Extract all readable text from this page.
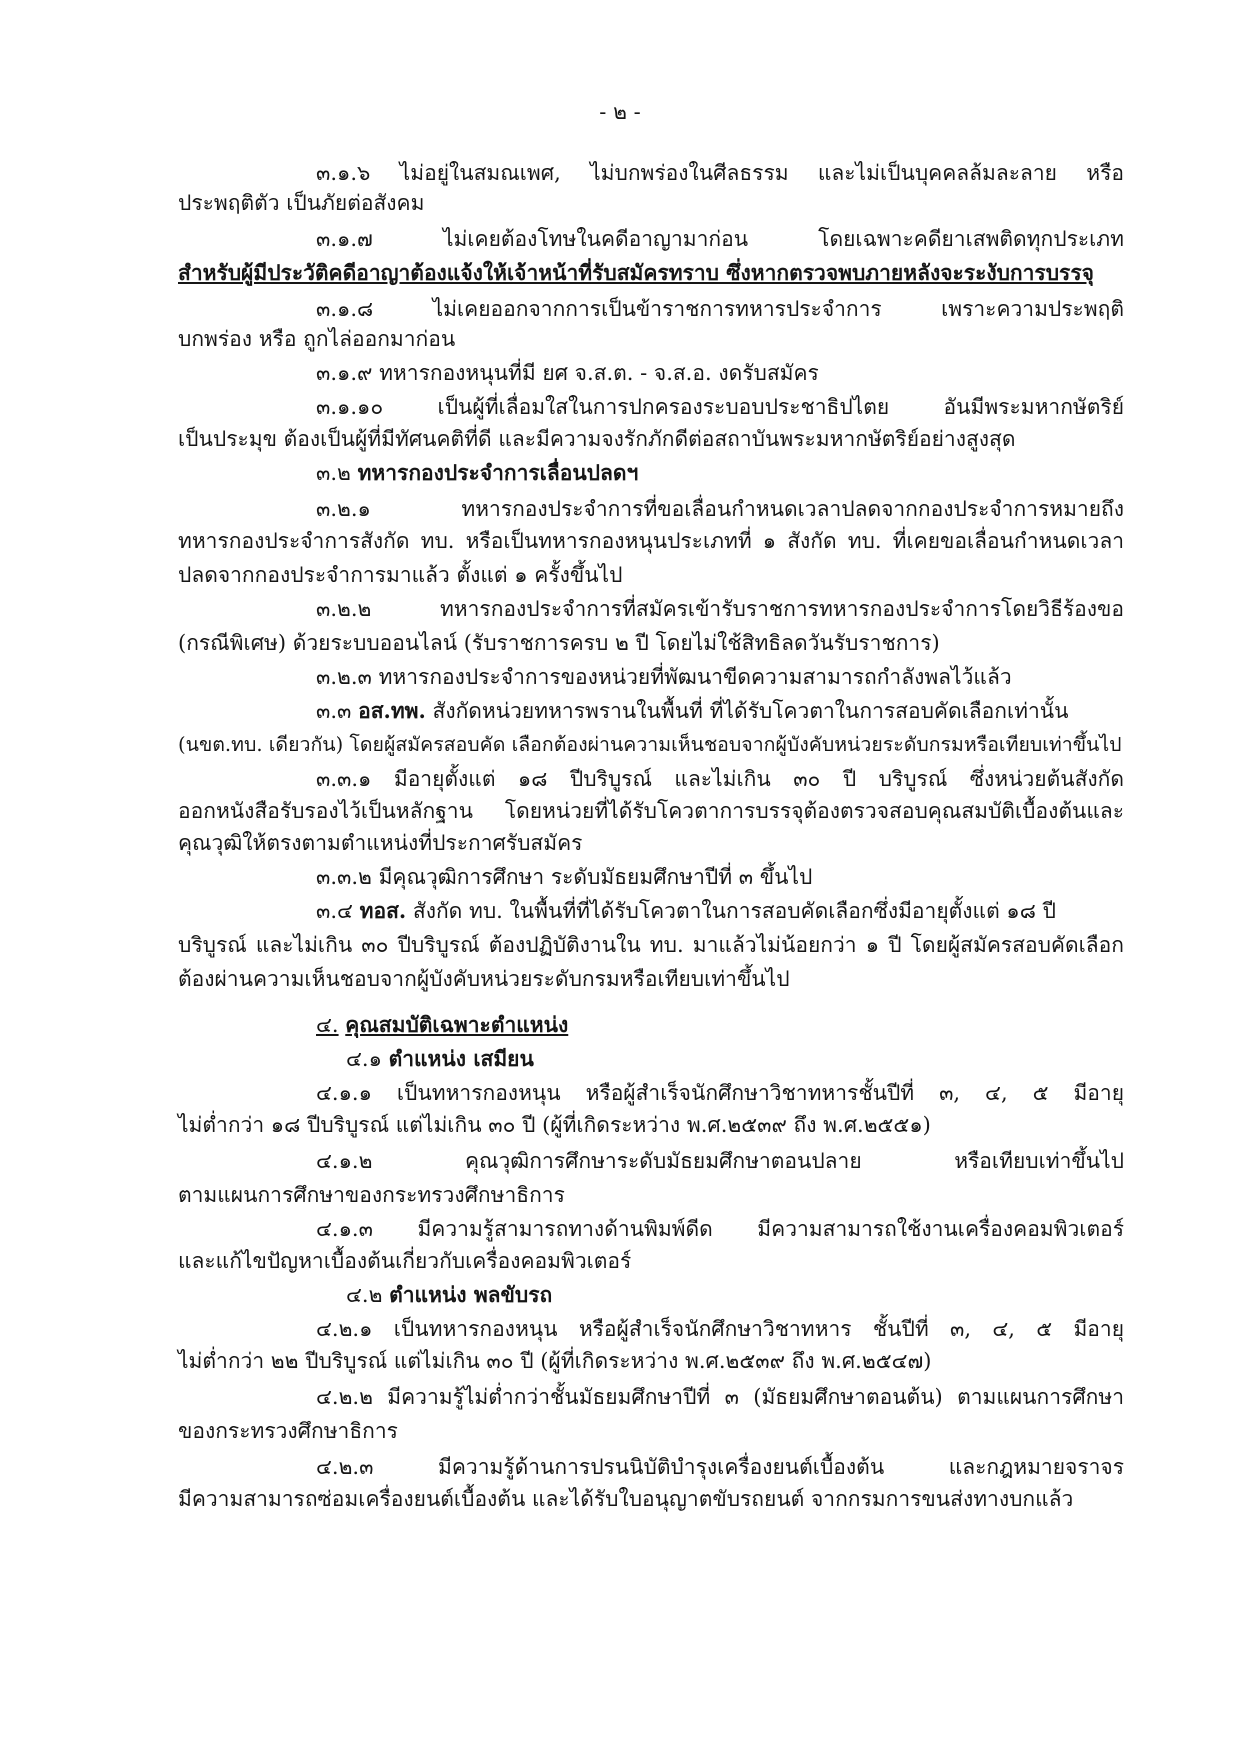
- ๒ -
๓.๑.๖ ไม่อยู่ในสมณเพศ, ไม่บกพร่องในศีลธรรม และไม่เป็นบุคคลล้มละลาย หรือ
ประพฤติตัว เป็นภัยต่อสังคม
๓.๑.๗ ไม่เคยต้องโทษในคดีอาญามาก่อน โดยเฉพาะคดียาเสพติดทุกประเภท
สำหรับผู้มีประวัติคดีอาญาต้องแจ้งให้เจ้าหน้าที่รับสมัครทราบ ซึ่งหากตรวจพบภายหลังจะระงับการบรรจุ
๓.๑.๘ ไม่เคยออกจากการเป็นข้าราชการทหารประจำการ เพราะความประพฤติ
บกพร่อง หรือ ถูกไล่ออกมาก่อน
๓.๑.๙ ทหารกองหนุนที่มี ยศ จ.ส.ต. - จ.ส.อ. งดรับสมัคร
๓.๑.๑๐ เป็นผู้ที่เลื่อมใสในการปกครองระบอบประชาธิปไตย อันมีพระมหากษัตริย์
เป็นประมุข ต้องเป็นผู้ที่มีทัศนคติที่ดี และมีความจงรักภักดีต่อสถาบันพระมหากษัตริย์อย่างสูงสุด
๓.๒ ทหารกองประจำการเลื่อนปลดฯ
๓.๒.๑ ทหารกองประจำการที่ขอเลื่อนกำหนดเวลาปลดจากกองประจำการหมายถึง
ทหารกองประจำการสังกัด ทบ. หรือเป็นทหารกองหนุนประเภทที่ ๑ สังกัด ทบ. ที่เคยขอเลื่อนกำหนดเวลา
ปลดจากกองประจำการมาแล้ว ตั้งแต่ ๑ ครั้งขึ้นไป
๓.๒.๒ ทหารกองประจำการที่สมัครเข้ารับราชการทหารกองประจำการโดยวิธีร้องขอ
(กรณีพิเศษ) ด้วยระบบออนไลน์ (รับราชการครบ ๒ ปี โดยไม่ใช้สิทธิลดวันรับราชการ)
๓.๒.๓ ทหารกองประจำการของหน่วยที่พัฒนาขีดความสามารถกำลังพลไว้แล้ว
๓.๓ อส.ทพ. สังกัดหน่วยทหารพรานในพื้นที่ ที่ได้รับโควตาในการสอบคัดเลือกเท่านั้น
(นขต.ทบ. เดียวกัน) โดยผู้สมัครสอบคัด เลือกต้องผ่านความเห็นชอบจากผู้บังคับหน่วยระดับกรมหรือเทียบเท่าขึ้นไป
๓.๓.๑ มีอายุตั้งแต่ ๑๘ ปีบริบูรณ์ และไม่เกิน ๓๐ ปี บริบูรณ์ ซึ่งหน่วยต้นสังกัด
ออกหนังสือรับรองไว้เป็นหลักฐาน โดยหน่วยที่ได้รับโควตาการบรรจุต้องตรวจสอบคุณสมบัติเบื้องต้นและ
คุณวุฒิให้ตรงตามตำแหน่งที่ประกาศรับสมัคร
๓.๓.๒ มีคุณวุฒิการศึกษา ระดับมัธยมศึกษาปีที่ ๓ ขึ้นไป
๓.๔ ทอส. สังกัด ทบ. ในพื้นที่ที่ได้รับโควตาในการสอบคัดเลือกซึ่งมีอายุตั้งแต่ ๑๘ ปี
บริบูรณ์ และไม่เกิน ๓๐ ปีบริบูรณ์ ต้องปฏิบัติงานใน ทบ. มาแล้วไม่น้อยกว่า ๑ ปี โดยผู้สมัครสอบคัดเลือก
ต้องผ่านความเห็นชอบจากผู้บังคับหน่วยระดับกรมหรือเทียบเท่าขึ้นไป
๔. คุณสมบัติเฉพาะตำแหน่ง
๔.๑ ตำแหน่ง เสมียน
๔.๑.๑ เป็นทหารกองหนุน หรือผู้สำเร็จนักศึกษาวิชาทหารชั้นปีที่ ๓, ๔, ๕ มีอายุ
ไม่ต่ำกว่า ๑๘ ปีบริบูรณ์ แต่ไม่เกิน ๓๐ ปี (ผู้ที่เกิดระหว่าง พ.ศ.๒๕๓๙ ถึง พ.ศ.๒๕๕๑)
๔.๑.๒ คุณวุฒิการศึกษาระดับมัธยมศึกษาตอนปลาย หรือเทียบเท่าขึ้นไป
ตามแผนการศึกษาของกระทรวงศึกษาธิการ
๔.๑.๓ มีความรู้สามารถทางด้านพิมพ์ดีด มีความสามารถใช้งานเครื่องคอมพิวเตอร์
และแก้ไขปัญหาเบื้องต้นเกี่ยวกับเครื่องคอมพิวเตอร์
๔.๒ ตำแหน่ง พลขับรถ
๔.๒.๑ เป็นทหารกองหนุน หรือผู้สำเร็จนักศึกษาวิชาทหาร ชั้นปีที่ ๓, ๔, ๕ มีอายุ
ไม่ต่ำกว่า ๒๒ ปีบริบูรณ์ แต่ไม่เกิน ๓๐ ปี (ผู้ที่เกิดระหว่าง พ.ศ.๒๕๓๙ ถึง พ.ศ.๒๕๔๗)
๔.๒.๒ มีความรู้ไม่ต่ำกว่าชั้นมัธยมศึกษาปีที่ ๓ (มัธยมศึกษาตอนต้น) ตามแผนการศึกษา
ของกระทรวงศึกษาธิการ
๔.๒.๓ มีความรู้ด้านการปรนนิบัติบำรุงเครื่องยนต์เบื้องต้น และกฎหมายจราจร
มีความสามารถซ่อมเครื่องยนต์เบื้องต้น และได้รับใบอนุญาตขับรถยนต์ จากกรมการขนส่งทางบกแล้ว
